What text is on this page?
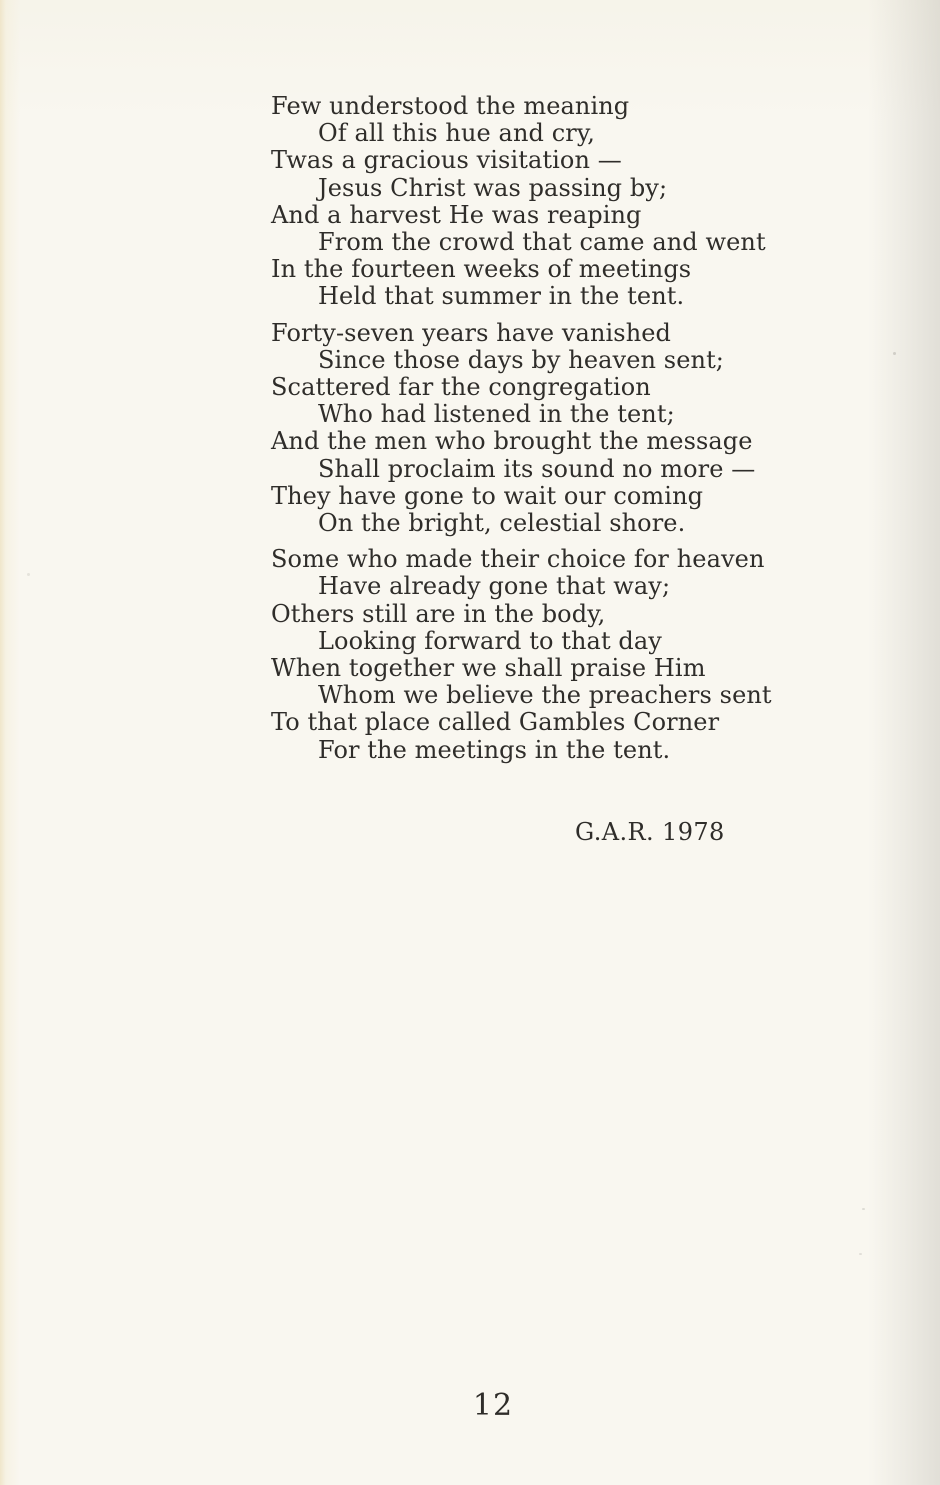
Few understood the meaning
Of all this hue and cry,
Twas a gracious visitation —
Jesus Christ was passing by;
And a harvest He was reaping
From the crowd that came and went
In the fourteen weeks of meetings
Held that summer in the tent.
Forty-seven years have vanished
Since those days by heaven sent;
Scattered far the congregation
Who had listened in the tent;
And the men who brought the message
Shall proclaim its sound no more —
They have gone to wait our coming
On the bright, celestial shore.
Some who made their choice for heaven
Have already gone that way;
Others still are in the body,
Looking forward to that day
When together we shall praise Him
Whom we believe the preachers sent
To that place called Gambles Corner
For the meetings in the tent.
G.A.R. 1978
12
